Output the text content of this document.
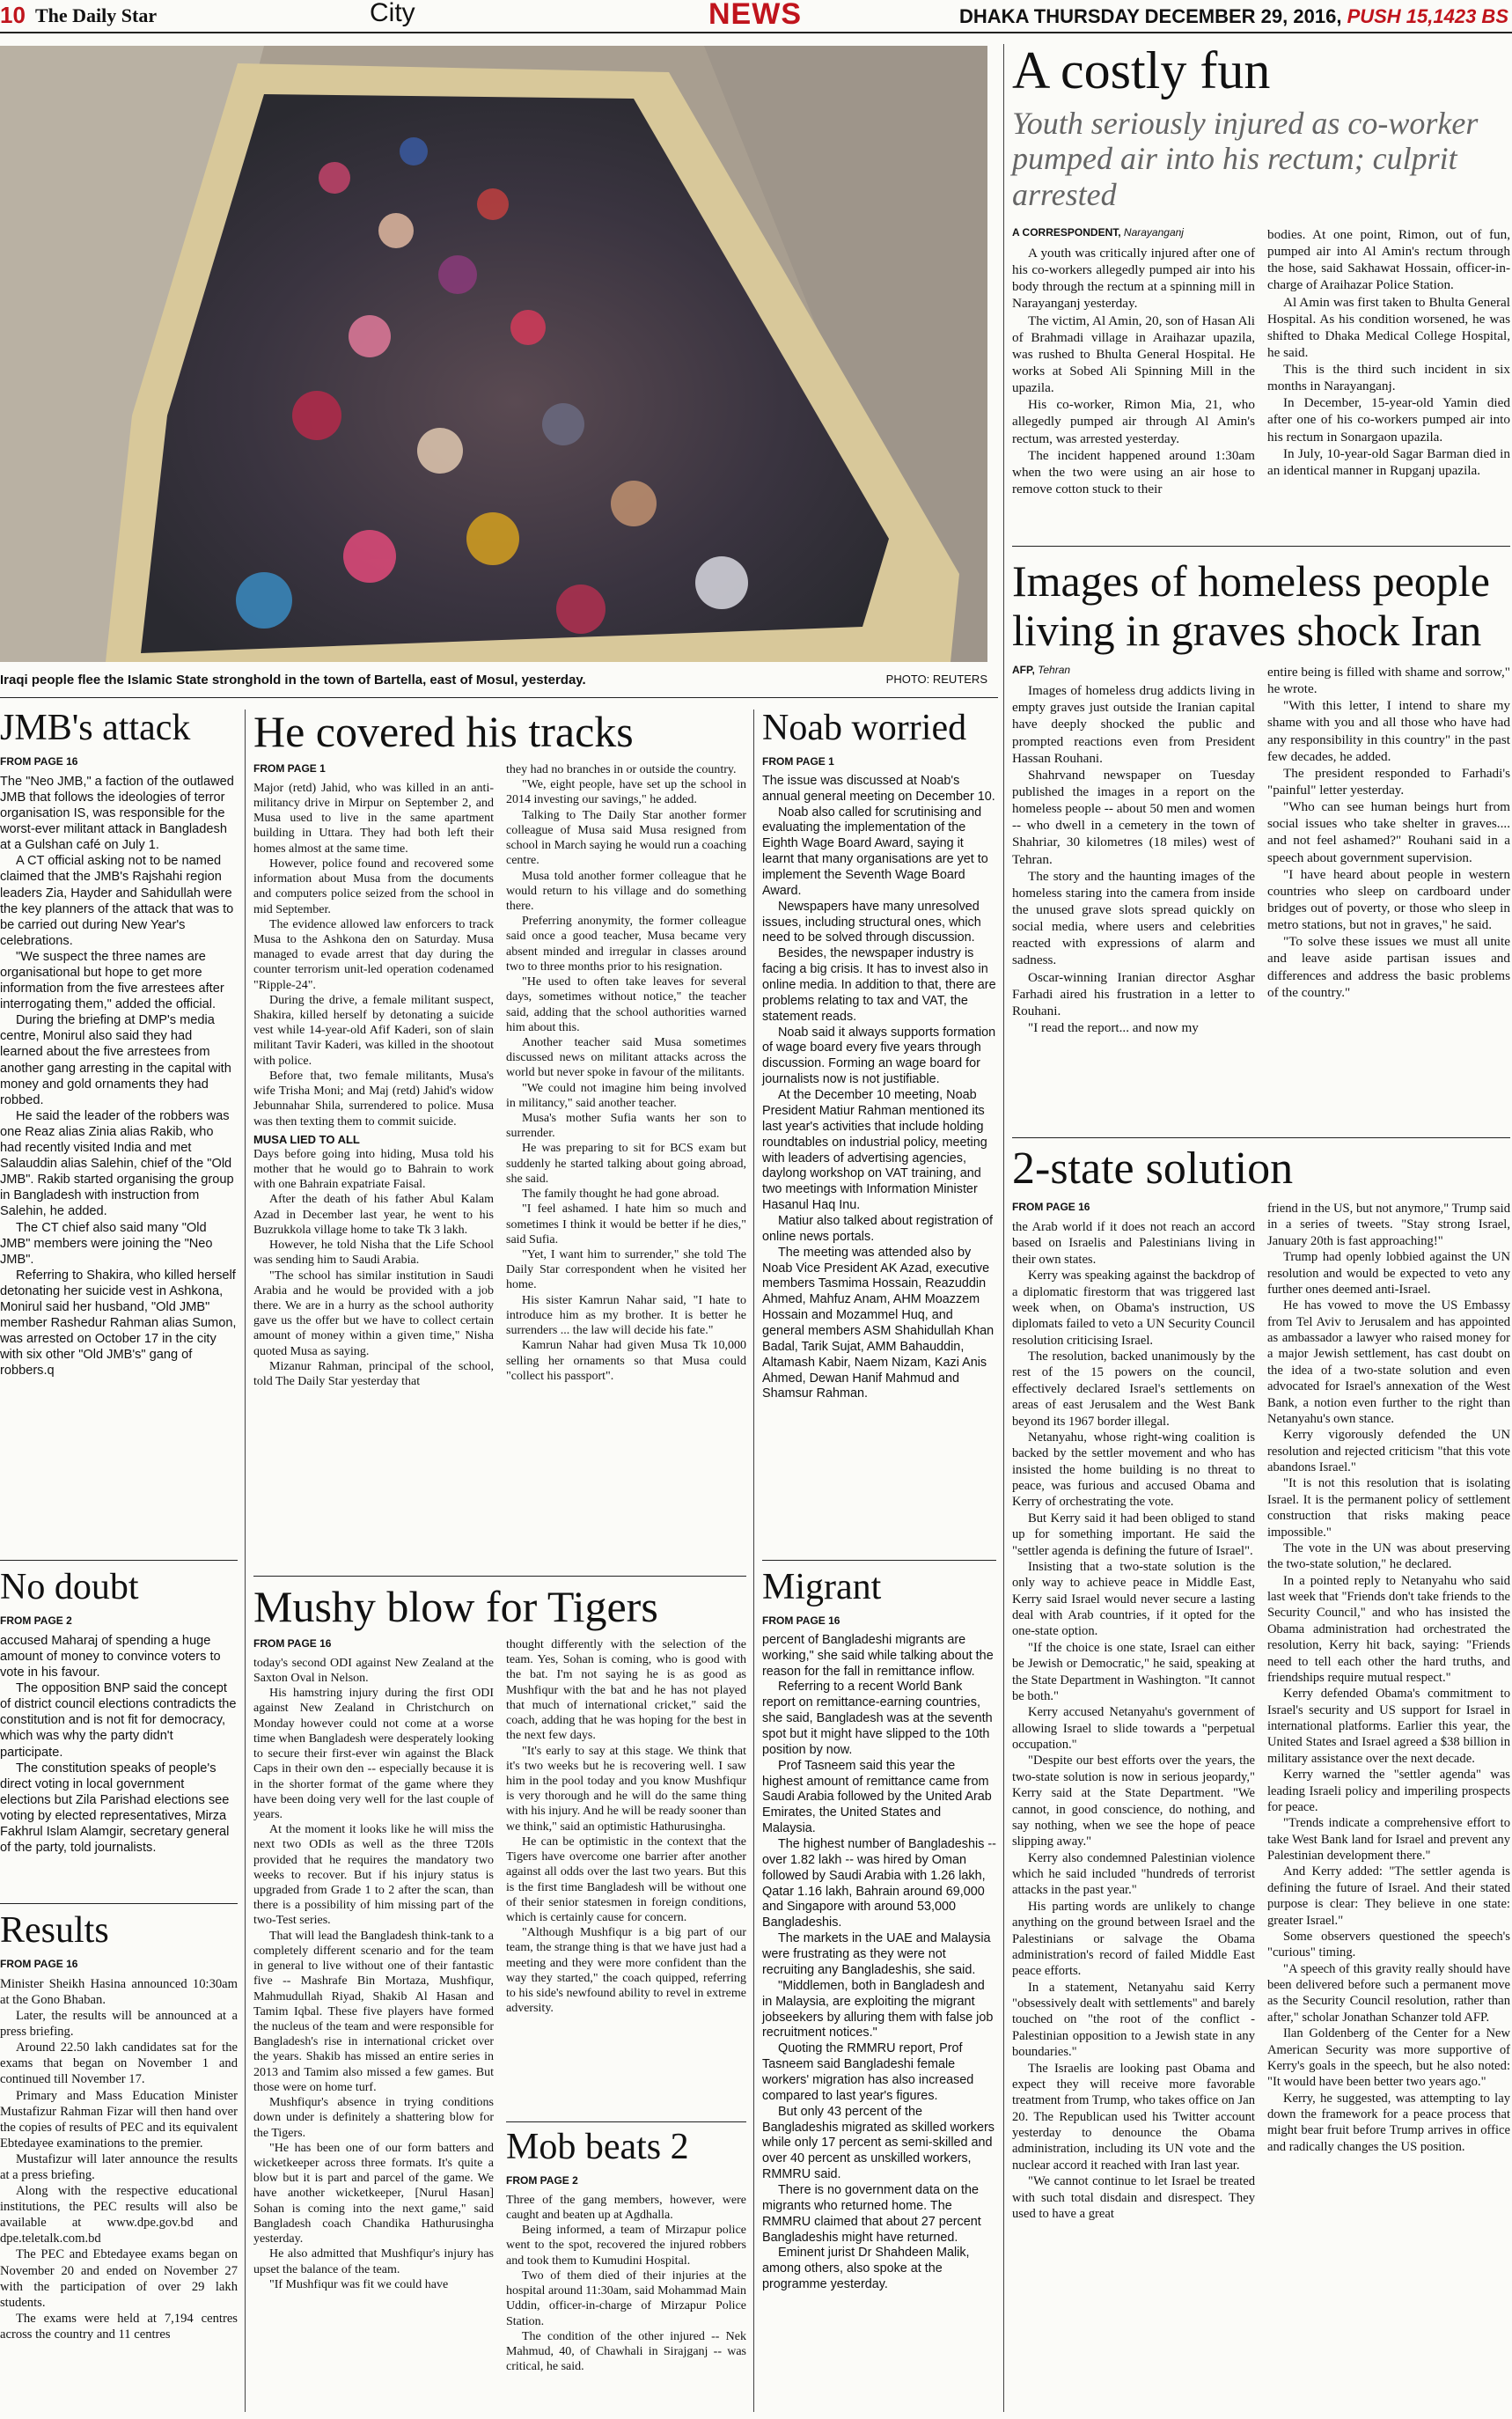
10 The Daily Star	City	NEWS	DHAKA THURSDAY DECEMBER 29, 2016, PUSH 15,1423 BS
Iraqi people flee the Islamic State stronghold in the town of Bartella, east of Mosul, yesterday.	PHOTO: REUTERS
A costly fun
Youth seriously injured as co-worker pumped air into his rectum; culprit arrested
A CORRESPONDENT, Narayanganj

A youth was critically injured after one of his co-workers allegedly pumped air into his body through the rectum at a spinning mill in Narayanganj yesterday.

The victim, Al Amin, 20, son of Hasan Ali of Brahmadi village in Araihazar upazila, was rushed to Bhulta General Hospital. He works at Sobed Ali Spinning Mill in the upazila.

His co-worker, Rimon Mia, 21, who allegedly pumped air through Al Amin's rectum, was arrested yesterday.

The incident happened around 1:30am when the two were using an air hose to remove cotton stuck to their

bodies. At one point, Rimon, out of fun, pumped air into Al Amin's rectum through the hose, said Sakhawat Hossain, officer-in-charge of Araihazar Police Station.

Al Amin was first taken to Bhulta General Hospital. As his condition worsened, he was shifted to Dhaka Medical College Hospital, he said.

This is the third such incident in six months in Narayanganj.

In December, 15-year-old Yamin died after one of his co-workers pumped air into his rectum in Sonargaon upazila.

In July, 10-year-old Sagar Barman died in an identical manner in Rupganj upazila.

Images of homeless people living in graves shock Iran
AFP, Tehran

Images of homeless drug addicts living in empty graves just outside the Iranian capital have deeply shocked the public and prompted reactions even from President Hassan Rouhani.

Shahrvand newspaper on Tuesday published the images in a report on the homeless people -- about 50 men and women -- who dwell in a cemetery in the town of Shahriar, 30 kilometres (18 miles) west of Tehran.

The story and the haunting images of the homeless staring into the camera from inside the unused grave slots spread quickly on social media, where users and celebrities reacted with expressions of alarm and sadness.

Oscar-winning Iranian director Asghar Farhadi aired his frustration in a letter to Rouhani.

"I read the report... and now my

entire being is filled with shame and sorrow," he wrote.

"With this letter, I intend to share my shame with you and all those who have had any responsibility in this country" in the past few decades, he added.

The president responded to Farhadi's "painful" letter yesterday.

"Who can see human beings hurt from social issues who take shelter in graves.... and not feel ashamed?" Rouhani said in a speech about government supervision.

"I have heard about people in western countries who sleep on cardboard under bridges out of poverty, or those who sleep in metro stations, but not in graves," he said.

"To solve these issues we must all unite and leave aside partisan issues and differences and address the basic problems of the country."

2-state solution
FROM PAGE 16

the Arab world if it does not reach an accord based on Israelis and Palestinians living in their own states.

Kerry was speaking against the backdrop of a diplomatic firestorm that was triggered last week when, on Obama's instruction, US diplomats failed to veto a UN Security Council resolution criticising Israel.

The resolution, backed unanimously by the rest of the 15 powers on the council, effectively declared Israel's settlements on areas of east Jerusalem and the West Bank beyond its 1967 border illegal.

Netanyahu, whose right-wing coalition is backed by the settler movement and who has insisted the home building is no threat to peace, was furious and accused Obama and Kerry of orchestrating the vote.

But Kerry said it had been obliged to stand up for something important. He said the "settler agenda is defining the future of Israel".

Insisting that a two-state solution is the only way to achieve peace in Middle East, Kerry said Israel would never secure a lasting deal with Arab countries, if it opted for the one-state option.

"If the choice is one state, Israel can either be Jewish or Democratic," he said, speaking at the State Department in Washington. "It cannot be both."

Kerry accused Netanyahu's government of allowing Israel to slide towards a "perpetual occupation."

"Despite our best efforts over the years, the two-state solution is now in serious jeopardy," Kerry said at the State Department. "We cannot, in good conscience, do nothing, and say nothing, when we see the hope of peace slipping away."

Kerry also condemned Palestinian violence which he said included "hundreds of terrorist attacks in the past year."

His parting words are unlikely to change anything on the ground between Israel and the Palestinians or salvage the Obama administration's record of failed Middle East peace efforts.

In a statement, Netanyahu said Kerry "obsessively dealt with settlements" and barely touched on "the root of the conflict - Palestinian opposition to a Jewish state in any boundaries."

The Israelis are looking past Obama and expect they will receive more favorable treatment from Trump, who takes office on Jan 20. The Republican used his Twitter account yesterday to denounce the Obama administration, including its UN vote and the nuclear accord it reached with Iran last year.

"We cannot continue to let Israel be treated with such total disdain and disrespect. They used to have a great

friend in the US, but not anymore," Trump said in a series of tweets. "Stay strong Israel, January 20th is fast approaching!"

Trump had openly lobbied against the UN resolution and would be expected to veto any further ones deemed anti-Israel.

He has vowed to move the US Embassy from Tel Aviv to Jerusalem and has appointed as ambassador a lawyer who raised money for a major Jewish settlement, has cast doubt on the idea of a two-state solution and even advocated for Israel's annexation of the West Bank, a notion even further to the right than Netanyahu's own stance.

Kerry vigorously defended the UN resolution and rejected criticism "that this vote abandons Israel."

"It is not this resolution that is isolating Israel. It is the permanent policy of settlement construction that risks making peace impossible."

The vote in the UN was about preserving the two-state solution," he declared.

In a pointed reply to Netanyahu who said last week that "Friends don't take friends to the Security Council," and who has insisted the Obama administration had orchestrated the resolution, Kerry hit back, saying: "Friends need to tell each other the hard truths, and friendships require mutual respect."

Kerry defended Obama's commitment to Israel's security and US support for Israel in international platforms. Earlier this year, the United States and Israel agreed a $38 billion in military assistance over the next decade.

Kerry warned the "settler agenda" was leading Israeli policy and imperiling prospects for peace.

"Trends indicate a comprehensive effort to take West Bank land for Israel and prevent any Palestinian development there."

And Kerry added: "The settler agenda is defining the future of Israel. And their stated purpose is clear: They believe in one state: greater Israel."

Some observers questioned the speech's "curious" timing.

"A speech of this gravity really should have been delivered before such a permanent move as the Security Council resolution, rather than after," scholar Jonathan Schanzer told AFP.

Ilan Goldenberg of the Center for a New American Security was more supportive of Kerry's goals in the speech, but he also noted: "It would have been better two years ago."

Kerry, he suggested, was attempting to lay down the framework for a peace process that might bear fruit before Trump arrives in office and radically changes the US position.

JMB's attack
FROM PAGE 16

The "Neo JMB," a faction of the outlawed JMB that follows the ideologies of terror organisation IS, was responsible for the worst-ever militant attack in Bangladesh at a Gulshan café on July 1.

A CT official asking not to be named claimed that the JMB's Rajshahi region leaders Zia, Hayder and Sahidullah were the key planners of the attack that was to be carried out during New Year's celebrations.

"We suspect the three names are organisational but hope to get more information from the five arrestees after interrogating them," added the official.

During the briefing at DMP's media centre, Monirul also said they had learned about the five arrestees from another gang arresting in the capital with money and gold ornaments they had robbed.

He said the leader of the robbers was one Reaz alias Zinia alias Rakib, who had recently visited India and met Salauddin alias Salehin, chief of the "Old JMB". Rakib started organising the group in Bangladesh with instruction from Salehin, he added.

The CT chief also said many "Old JMB" members were joining the "Neo JMB".

Referring to Shakira, who killed herself detonating her suicide vest in Ashkona, Monirul said her husband, "Old JMB" member Rashedur Rahman alias Sumon, was arrested on October 17 in the city with six other "Old JMB's" gang of robbers.q

No doubt
FROM PAGE 2

accused Maharaj of spending a huge amount of money to convince voters to vote in his favour.

The opposition BNP said the concept of district council elections contradicts the constitution and is not fit for democracy, which was why the party didn't participate.

The constitution speaks of people's direct voting in local government elections but Zila Parishad elections see voting by elected representatives, Mirza Fakhrul Islam Alamgir, secretary general of the party, told journalists.

Results
FROM PAGE 16

Minister Sheikh Hasina announced 10:30am at the Gono Bhaban.

Later, the results will be announced at a press briefing.

Around 22.50 lakh candidates sat for the exams that began on November 1 and continued till November 17.

Primary and Mass Education Minister Mustafizur Rahman Fizar will then hand over the copies of results of PEC and its equivalent Ebtedayee examinations to the premier.

Mustafizur will later announce the results at a press briefing.

Along with the respective educational institutions, the PEC results will also be available at www.dpe.gov.bd and dpe.teletalk.com.bd

The PEC and Ebtedayee exams began on November 20 and ended on November 27 with the participation of over 29 lakh students.

The exams were held at 7,194 centres across the country and 11 centres

He covered his tracks
FROM PAGE 1

Major (retd) Jahid, who was killed in an anti-militancy drive in Mirpur on September 2, and Musa used to live in the same apartment building in Uttara. They had both left their homes almost at the same time.

However, police found and recovered some information about Musa from the documents and computers police seized from the school in mid September.

The evidence allowed law enforcers to track Musa to the Ashkona den on Saturday. Musa managed to evade arrest that day during the counter terrorism unit-led operation codenamed "Ripple-24".

During the drive, a female militant suspect, Shakira, killed herself by detonating a suicide vest while 14-year-old Afif Kaderi, son of slain militant Tavir Kaderi, was killed in the shootout with police.

Before that, two female militants, Musa's wife Trisha Moni; and Maj (retd) Jahid's widow Jebunnahar Shila, surrendered to police. Musa was then texting them to commit suicide.

MUSA LIED TO ALL

Days before going into hiding, Musa told his mother that he would go to Bahrain to work with one Bahrain expatriate Faisal.

After the death of his father Abul Kalam Azad in December last year, he went to his Buzrukkola village home to take Tk 3 lakh.

However, he told Nisha that the Life School was sending him to Saudi Arabia.

"The school has similar institution in Saudi Arabia and he would be provided with a job there. We are in a hurry as the school authority gave us the offer but we have to collect certain amount of money within a given time," Nisha quoted Musa as saying.

Mizanur Rahman, principal of the school, told The Daily Star yesterday that

they had no branches in or outside the country.

"We, eight people, have set up the school in 2014 investing our savings," he added.

Talking to The Daily Star another former colleague of Musa said Musa resigned from school in March saying he would run a coaching centre.

Musa told another former colleague that he would return to his village and do something there.

Preferring anonymity, the former colleague said once a good teacher, Musa became very absent minded and irregular in classes around two to three months prior to his resignation.

"He used to often take leaves for several days, sometimes without notice," the teacher said, adding that the school authorities warned him about this.

Another teacher said Musa sometimes discussed news on militant attacks across the world but never spoke in favour of the militants.

"We could not imagine him being involved in militancy," said another teacher.

Musa's mother Sufia wants her son to surrender.

He was preparing to sit for BCS exam but suddenly he started talking about going abroad, she said.

The family thought he had gone abroad.

"I feel ashamed. I hate him so much and sometimes I think it would be better if he dies," said Sufia.

"Yet, I want him to surrender," she told The Daily Star correspondent when he visited her home.

His sister Kamrun Nahar said, "I hate to introduce him as my brother. It is better he surrenders ... the law will decide his fate."

Kamrun Nahar had given Musa Tk 10,000 selling her ornaments so that Musa could "collect his passport".

Mushy blow for Tigers
FROM PAGE 16

today's second ODI against New Zealand at the Saxton Oval in Nelson.

His hamstring injury during the first ODI against New Zealand in Christchurch on Monday however could not come at a worse time when Bangladesh were desperately looking to secure their first-ever win against the Black Caps in their own den -- especially because it is in the shorter format of the game where they have been doing very well for the last couple of years.

At the moment it looks like he will miss the next two ODIs as well as the three T20Is provided that he requires the mandatory two weeks to recover. But if his injury status is upgraded from Grade 1 to 2 after the scan, than there is a possibility of him missing part of the two-Test series.

That will lead the Bangladesh think-tank to a completely different scenario and for the team in general to live without one of their fantastic five -- Mashrafe Bin Mortaza, Mushfiqur, Mahmudullah Riyad, Shakib Al Hasan and Tamim Iqbal. These five players have formed the nucleus of the team and were responsible for Bangladesh's rise in international cricket over the years. Shakib has missed an entire series in 2013 and Tamim also missed a few games. But those were on home turf.

Mushfiqur's absence in trying conditions down under is definitely a shattering blow for the Tigers.

"He has been one of our form batters and wicketkeeper across three formats. It's quite a blow but it is part and parcel of the game. We have another wicketkeeper, [Nurul Hasan] Sohan is coming into the next game," said Bangladesh coach Chandika Hathurusingha yesterday.

He also admitted that Mushfiqur's injury has upset the balance of the team.

"If Mushfiqur was fit we could have

thought differently with the selection of the team. Yes, Sohan is coming, who is good with the bat. I'm not saying he is as good as Mushfiqur with the bat and he has not played that much of international cricket," said the coach, adding that he was hoping for the best in the next few days.

"It's early to say at this stage. We think that it's two weeks but he is recovering well. I saw him in the pool today and you know Mushfiqur is very thorough and he will do the same thing with his injury. And he will be ready sooner than we think," said an optimistic Hathurusingha.

He can be optimistic in the context that the Tigers have overcome one barrier after another against all odds over the last two years. But this is the first time Bangladesh will be without one of their senior statesmen in foreign conditions, which is certainly cause for concern.

"Although Mushfiqur is a big part of our team, the strange thing is that we have just had a meeting and they were more confident than the way they started," the coach quipped, referring to his side's newfound ability to revel in extreme adversity.

Mob beats 2
FROM PAGE 2

Three of the gang members, however, were caught and beaten up at Agdhalla.

Being informed, a team of Mirzapur police went to the spot, recovered the injured robbers and took them to Kumudini Hospital.

Two of them died of their injuries at the hospital around 11:30am, said Mohammad Main Uddin, officer-in-charge of Mirzapur Police Station.

The condition of the other injured -- Nek Mahmud, 40, of Chawhali in Sirajganj -- was critical, he said.

Noab worried
FROM PAGE 1

The issue was discussed at Noab's annual general meeting on December 10.

Noab also called for scrutinising and evaluating the implementation of the Eighth Wage Board Award, saying it learnt that many organisations are yet to implement the Seventh Wage Board Award.

Newspapers have many unresolved issues, including structural ones, which need to be solved through discussion.

Besides, the newspaper industry is facing a big crisis. It has to invest also in online media. In addition to that, there are problems relating to tax and VAT, the statement reads.

Noab said it always supports formation of wage board every five years through discussion. Forming an wage board for journalists now is not justifiable.

At the December 10 meeting, Noab President Matiur Rahman mentioned its last year's activities that include holding roundtables on industrial policy, meeting with leaders of advertising agencies, daylong workshop on VAT training, and two meetings with Information Minister Hasanul Haq Inu.

Matiur also talked about registration of online news portals.

The meeting was attended also by Noab Vice President AK Azad, executive members Tasmima Hossain, Reazuddin Ahmed, Mahfuz Anam, AHM Moazzem Hossain and Mozammel Huq, and general members ASM Shahidullah Khan Badal, Tarik Sujat, AMM Bahauddin, Altamash Kabir, Naem Nizam, Kazi Anis Ahmed, Dewan Hanif Mahmud and Shamsur Rahman.

Migrant
FROM PAGE 16

percent of Bangladeshi migrants are working," she said while talking about the reason for the fall in remittance inflow.

Referring to a recent World Bank report on remittance-earning countries, she said, Bangladesh was at the seventh spot but it might have slipped to the 10th position by now.

Prof Tasneem said this year the highest amount of remittance came from Saudi Arabia followed by the United Arab Emirates, the United States and Malaysia.

The highest number of Bangladeshis -- over 1.82 lakh -- was hired by Oman followed by Saudi Arabia with 1.26 lakh, Qatar 1.16 lakh, Bahrain around 69,000 and Singapore with around 53,000 Bangladeshis.

The markets in the UAE and Malaysia were frustrating as they were not recruiting any Bangladeshis, she said.

"Middlemen, both in Bangladesh and in Malaysia, are exploiting the migrant jobseekers by alluring them with false job recruitment notices."

Quoting the RMMRU report, Prof Tasneem said Bangladeshi female workers' migration has also increased compared to last year's figures.

But only 43 percent of the Bangladeshis migrated as skilled workers while only 17 percent as semi-skilled and over 40 percent as unskilled workers, RMMRU said.

There is no government data on the migrants who returned home. The RMMRU claimed that about 27 percent Bangladeshis might have returned.

Eminent jurist Dr Shahdeen Malik, among others, also spoke at the programme yesterday.
